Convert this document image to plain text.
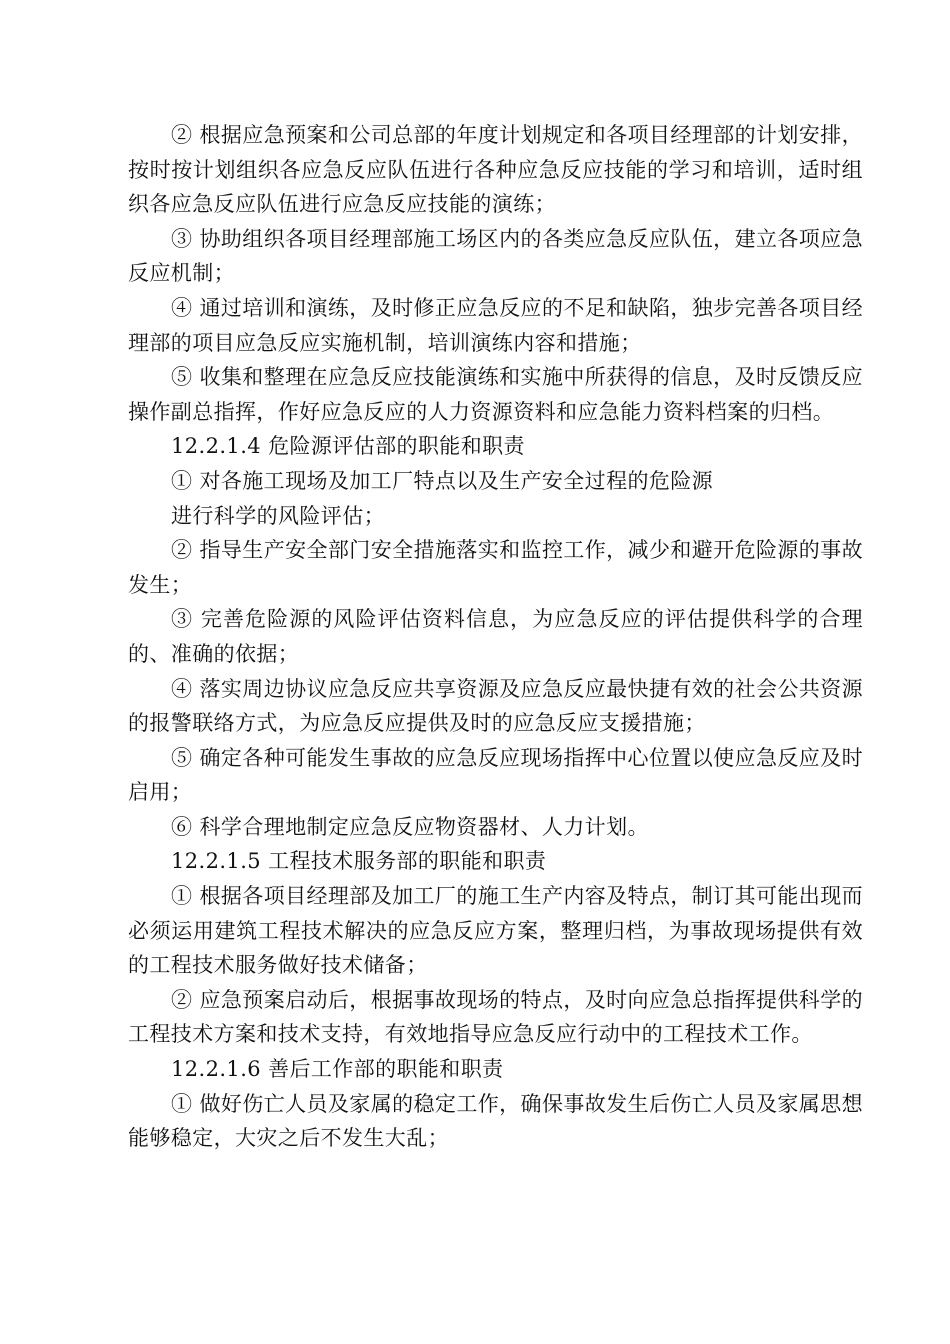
② 根据应急预案和公司总部的年度计划规定和各项目经理部的计划安排，按时按计划组织各应急反应队伍进行各种应急反应技能的学习和培训，适时组织各应急反应队伍进行应急反应技能的演练；

③ 协助组织各项目经理部施工场区内的各类应急反应队伍，建立各项应急反应机制；

④ 通过培训和演练，及时修正应急反应的不足和缺陷，独步完善各项目经理部的项目应急反应实施机制，培训演练内容和措施；

⑤ 收集和整理在应急反应技能演练和实施中所获得的信息，及时反馈反应操作副总指挥，作好应急反应的人力资源资料和应急能力资料档案的归档。

12.2.1.4 危险源评估部的职能和职责

① 对各施工现场及加工厂特点以及生产安全过程的危险源

进行科学的风险评估；

② 指导生产安全部门安全措施落实和监控工作，减少和避开危险源的事故发生；

③ 完善危险源的风险评估资料信息，为应急反应的评估提供科学的合理的、准确的依据；

④ 落实周边协议应急反应共享资源及应急反应最快捷有效的社会公共资源的报警联络方式，为应急反应提供及时的应急反应支援措施；

⑤ 确定各种可能发生事故的应急反应现场指挥中心位置以使应急反应及时启用；

⑥ 科学合理地制定应急反应物资器材、人力计划。

12.2.1.5 工程技术服务部的职能和职责

① 根据各项目经理部及加工厂的施工生产内容及特点，制订其可能出现而必须运用建筑工程技术解决的应急反应方案，整理归档，为事故现场提供有效的工程技术服务做好技术储备；

② 应急预案启动后，根据事故现场的特点，及时向应急总指挥提供科学的工程技术方案和技术支持，有效地指导应急反应行动中的工程技术工作。

12.2.1.6 善后工作部的职能和职责

① 做好伤亡人员及家属的稳定工作，确保事故发生后伤亡人员及家属思想能够稳定，大灾之后不发生大乱；
